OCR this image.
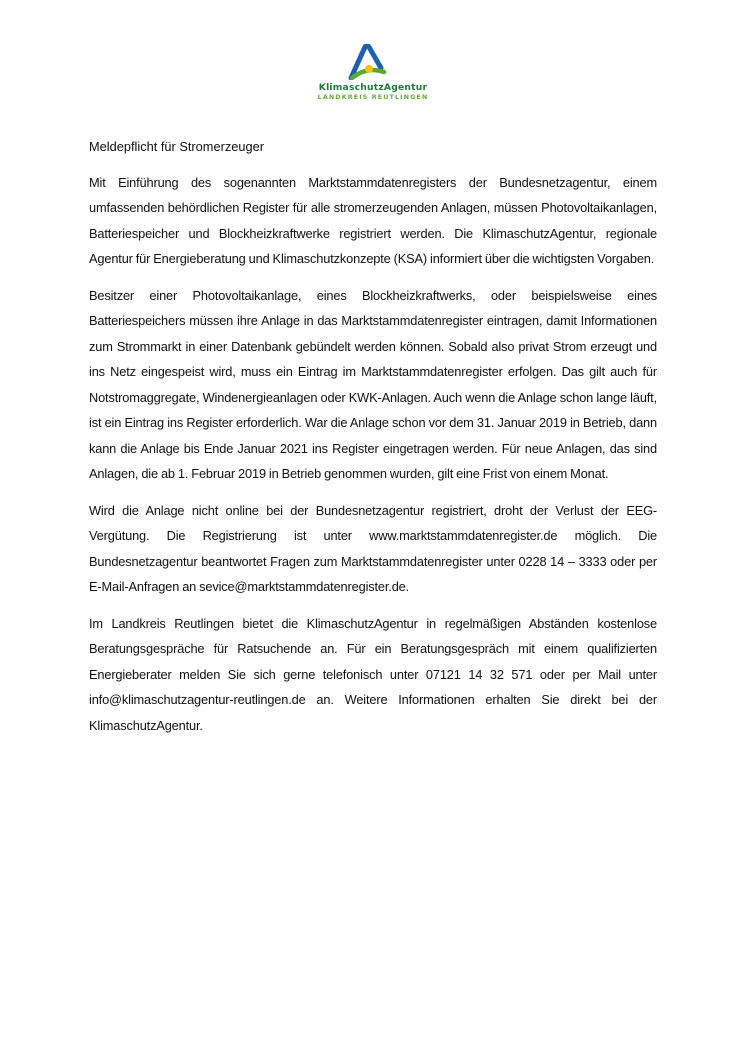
KlimaschutzAgentur
LANDKREIS REUTLINGEN
Meldepflicht für Stromerzeuger

Mit Einführung des sogenannten Marktstammdatenregisters der Bundesnetzagentur, einem umfassenden behördlichen Register für alle stromerzeugenden Anlagen, müssen Photovoltaikanlagen, Batteriespeicher und Blockheizkraftwerke registriert werden. Die KlimaschutzAgentur, regionale Agentur für Energieberatung und Klimaschutzkonzepte (KSA) informiert über die wichtigsten Vorgaben.

Besitzer einer Photovoltaikanlage, eines Blockheizkraftwerks, oder beispielsweise eines Batteriespeichers müssen ihre Anlage in das Marktstammdatenregister eintragen, damit Informationen zum Strommarkt in einer Datenbank gebündelt werden können. Sobald also privat Strom erzeugt und ins Netz eingespeist wird, muss ein Eintrag im Marktstammdatenregister erfolgen. Das gilt auch für Notstromaggregate, Windenergieanlagen oder KWK-Anlagen. Auch wenn die Anlage schon lange läuft, ist ein Eintrag ins Register erforderlich. War die Anlage schon vor dem 31. Januar 2019 in Betrieb, dann kann die Anlage bis Ende Januar 2021 ins Register eingetragen werden. Für neue Anlagen, das sind Anlagen, die ab 1. Februar 2019 in Betrieb genommen wurden, gilt eine Frist von einem Monat.

Wird die Anlage nicht online bei der Bundesnetzagentur registriert, droht der Verlust der EEG-Vergütung. Die Registrierung ist unter www.marktstammdatenregister.de möglich. Die Bundesnetzagentur beantwortet Fragen zum Marktstammdatenregister unter 0228 14 – 3333 oder per E-Mail-Anfragen an sevice@marktstammdatenregister.de.

Im Landkreis Reutlingen bietet die KlimaschutzAgentur in regelmäßigen Abständen kostenlose Beratungsgespräche für Ratsuchende an. Für ein Beratungsgespräch mit einem qualifizierten Energieberater melden Sie sich gerne telefonisch unter 07121 14 32 571 oder per Mail unter info@klimaschutzagentur-reutlingen.de an. Weitere Informationen erhalten Sie direkt bei der KlimaschutzAgentur.
